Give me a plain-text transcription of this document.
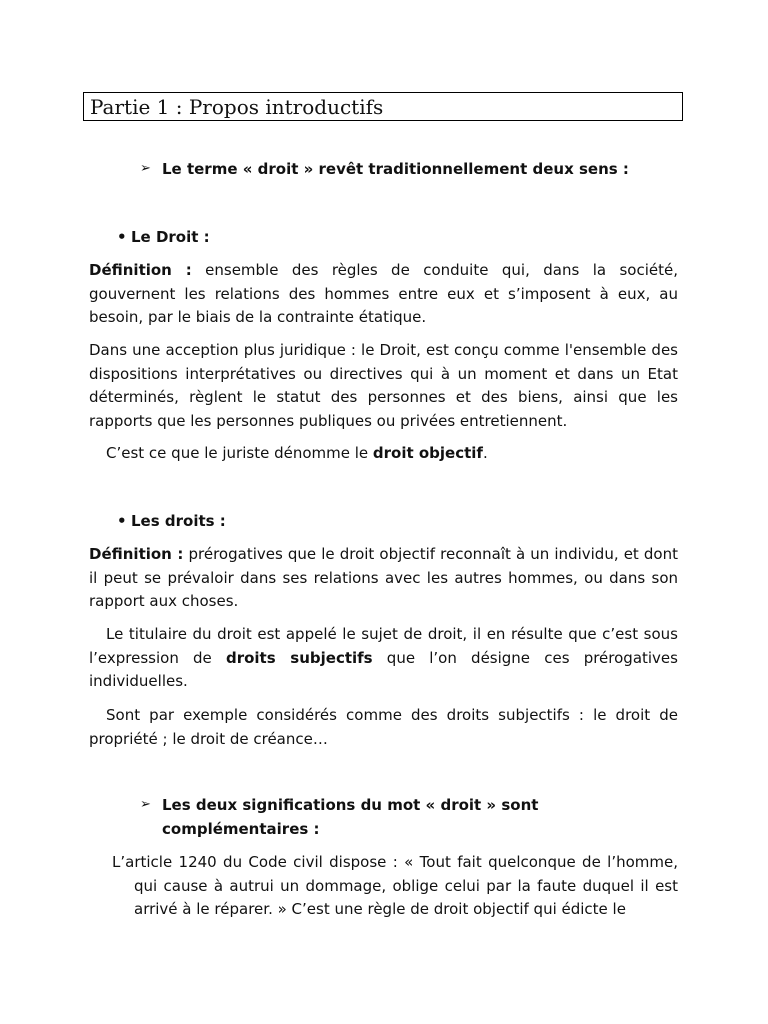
Partie 1 : Propos introductifs
➢ Le terme « droit » revêt traditionnellement deux sens :
• Le Droit :
Définition : ensemble des règles de conduite qui, dans la société, gouvernent les relations des hommes entre eux et s’imposent à eux, au besoin, par le biais de la contrainte étatique.
Dans une acception plus juridique : le Droit, est conçu comme l'ensemble des dispositions interprétatives ou directives qui à un moment et dans un Etat déterminés, règlent le statut des personnes et des biens, ainsi que les rapports que les personnes publiques ou privées entretiennent.
C’est ce que le juriste dénomme le droit objectif.
• Les droits :
Définition : prérogatives que le droit objectif reconnaît à un individu, et dont il peut se prévaloir dans ses relations avec les autres hommes, ou dans son rapport aux choses.
Le titulaire du droit est appelé le sujet de droit, il en résulte que c’est sous l’expression de droits subjectifs que l’on désigne ces prérogatives individuelles.
Sont par exemple considérés comme des droits subjectifs : le droit de propriété ; le droit de créance…
➢ Les deux significations du mot « droit » sont
complémentaires :
L’article 1240 du Code civil dispose : « Tout fait quelconque de l’homme, qui cause à autrui un dommage, oblige celui par la faute duquel il est arrivé à le réparer. » C’est une règle de droit objectif qui édicte le
